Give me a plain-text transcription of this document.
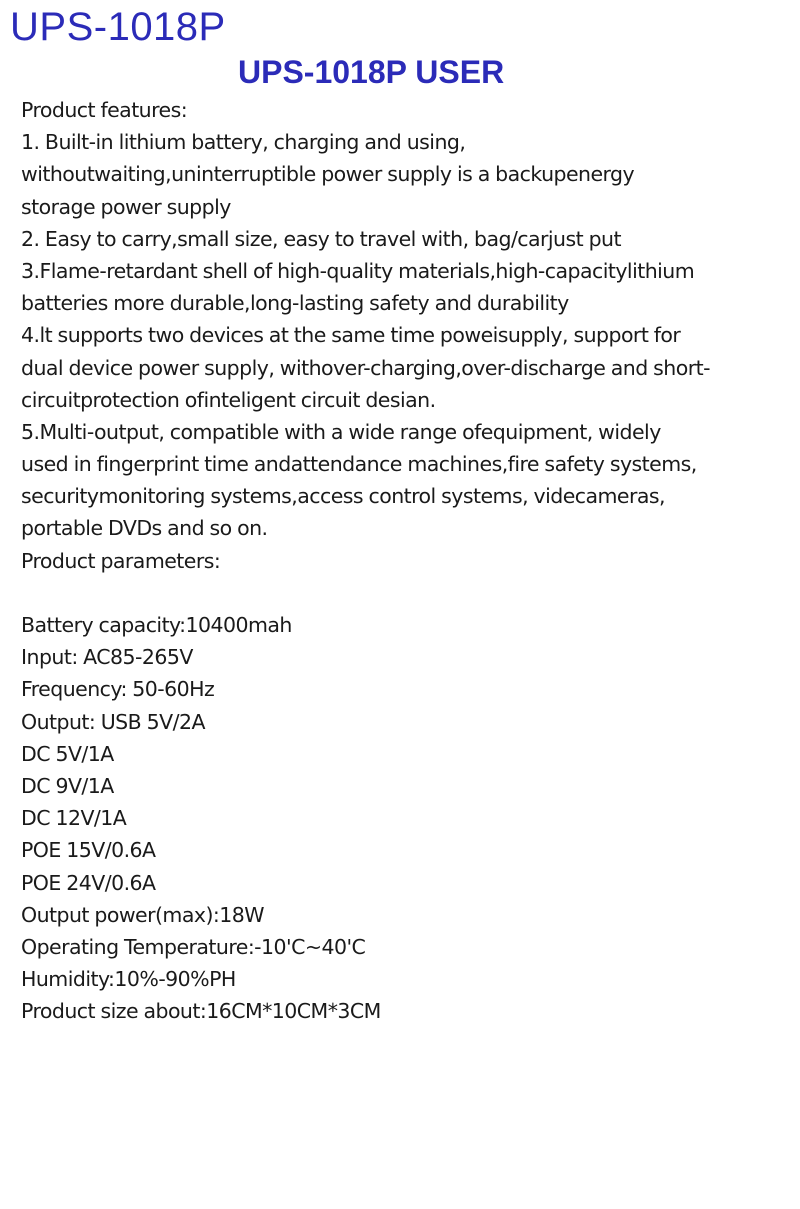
UPS-1018P
UPS-1018P USER
Product features:
1. Built-in lithium battery, charging and using,
withoutwaiting,uninterruptible power supply is a backupenergy
storage power supply
2. Easy to carry,small size, easy to travel with, bag/carjust put
3.Flame-retardant shell of high-quality materials,high-capacitylithium
batteries more durable,long-lasting safety and durability
4.lt supports two devices at the same time poweisupply, support for
dual device power supply, withover-charging,over-discharge and short-
circuitprotection ofinteligent circuit desian.
5.Multi-output, compatible with a wide range ofequipment, widely
used in fingerprint time andattendance machines,fire safety systems,
securitymonitoring systems,access control systems, videcameras,
portable DVDs and so on.
Product parameters:
Battery capacity:10400mah
Input: AC85-265V
Frequency: 50-60Hz
Output: USB 5V/2A
DC 5V/1A
DC 9V/1A
DC 12V/1A
POE 15V/0.6A
POE 24V/0.6A
Output power(max):18W
Operating Temperature:-10'C~40'C
Humidity:10%-90%PH
Product size about:16CM*10CM*3CM
